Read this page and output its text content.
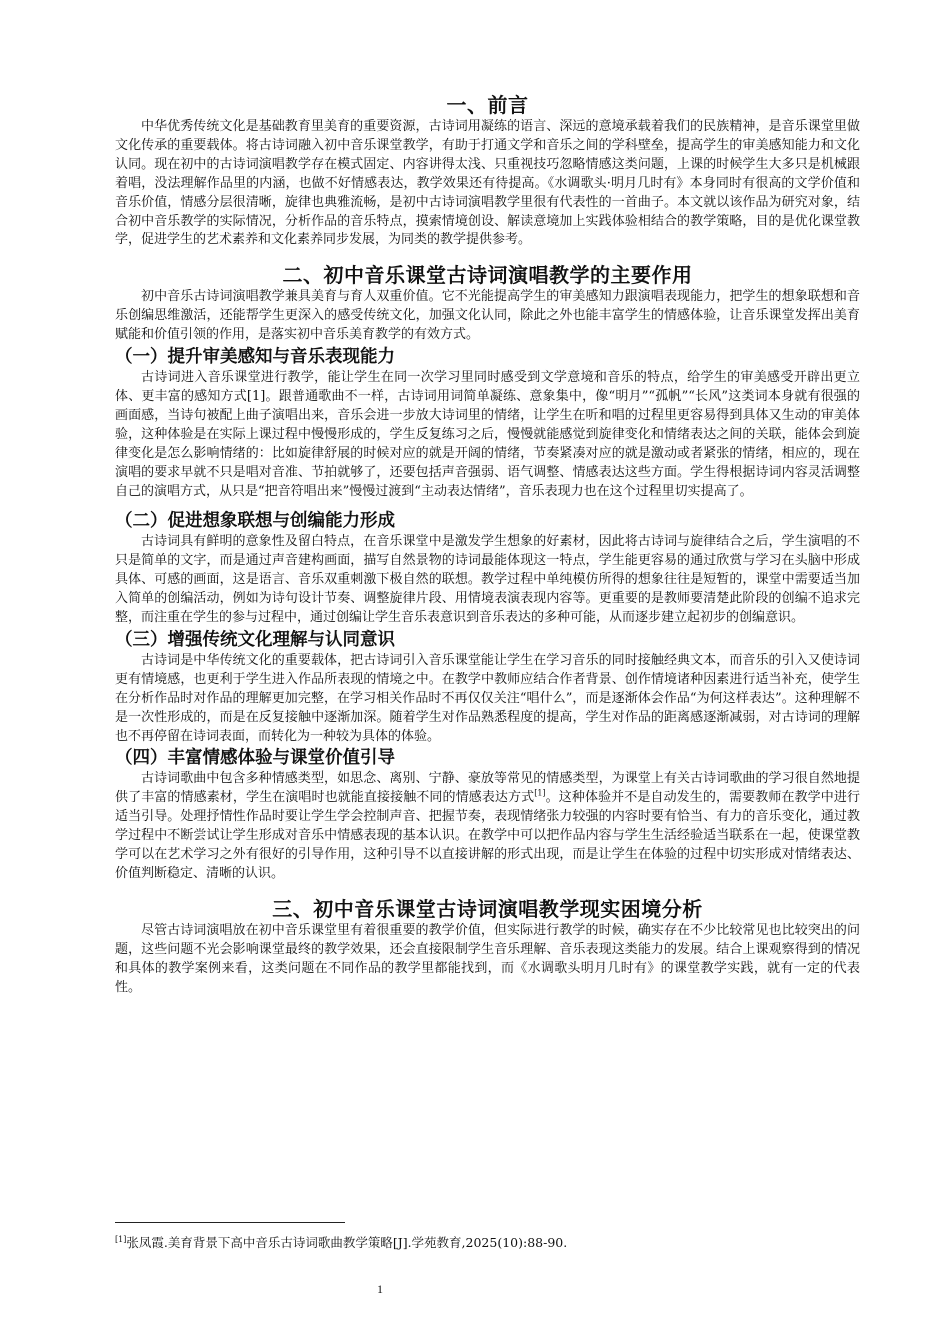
一、前言

中华优秀传统文化是基础教育里美育的重要资源，古诗词用凝练的语言、深远的意境承载着我们的民族精神，是音乐课堂里做文化传承的重要载体。将古诗词融入初中音乐课堂教学，有助于打通文学和音乐之间的学科壁垒，提高学生的审美感知能力和文化认同。现在初中的古诗词演唱教学存在模式固定、内容讲得太浅、只重视技巧忽略情感这类问题，上课的时候学生大多只是机械跟着唱，没法理解作品里的内涵，也做不好情感表达，教学效果还有待提高。《水调歌头·明月几时有》本身同时有很高的文学价值和音乐价值，情感分层很清晰，旋律也典雅流畅，是初中古诗词演唱教学里很有代表性的一首曲子。本文就以该作品为研究对象，结合初中音乐教学的实际情况，分析作品的音乐特点，摸索情境创设、解读意境加上实践体验相结合的教学策略，目的是优化课堂教学，促进学生的艺术素养和文化素养同步发展，为同类的教学提供参考。

二、初中音乐课堂古诗词演唱教学的主要作用

初中音乐古诗词演唱教学兼具美育与育人双重价值。它不光能提高学生的审美感知力跟演唱表现能力，把学生的想象联想和音乐创编思维激活，还能帮学生更深入的感受传统文化，加强文化认同，除此之外也能丰富学生的情感体验，让音乐课堂发挥出美育赋能和价值引领的作用，是落实初中音乐美育教学的有效方式。

（一）提升审美感知与音乐表现能力

古诗词进入音乐课堂进行教学，能让学生在同一次学习里同时感受到文学意境和音乐的特点，给学生的审美感受开辟出更立体、更丰富的感知方式[1]。跟普通歌曲不一样，古诗词用词简单凝练、意象集中，像“明月”“孤帆”“长风”这类词本身就有很强的画面感，当诗句被配上曲子演唱出来，音乐会进一步放大诗词里的情绪，让学生在听和唱的过程里更容易得到具体又生动的审美体验，这种体验是在实际上课过程中慢慢形成的，学生反复练习之后，慢慢就能感觉到旋律变化和情绪表达之间的关联，能体会到旋律变化是怎么影响情绪的：比如旋律舒展的时候对应的就是开阔的情绪，节奏紧凑对应的就是激动或者紧张的情绪，相应的，现在演唱的要求早就不只是唱对音准、节拍就够了，还要包括声音强弱、语气调整、情感表达这些方面。学生得根据诗词内容灵活调整自己的演唱方式，从只是“把音符唱出来”慢慢过渡到“主动表达情绪”，音乐表现力也在这个过程里切实提高了。

（二）促进想象联想与创编能力形成

古诗词具有鲜明的意象性及留白特点，在音乐课堂中是激发学生想象的好素材，因此将古诗词与旋律结合之后，学生演唱的不只是简单的文字，而是通过声音建构画面，描写自然景物的诗词最能体现这一特点，学生能更容易的通过欣赏与学习在头脑中形成具体、可感的画面，这是语言、音乐双重刺激下极自然的联想。教学过程中单纯模仿所得的想象往往是短暂的，课堂中需要适当加入简单的创编活动，例如为诗句设计节奏、调整旋律片段、用情境表演表现内容等。更重要的是教师要清楚此阶段的创编不追求完整，而注重在学生的参与过程中，通过创编让学生音乐表意识到音乐表达的多种可能，从而逐步建立起初步的创编意识。

（三）增强传统文化理解与认同意识

古诗词是中华传统文化的重要载体，把古诗词引入音乐课堂能让学生在学习音乐的同时接触经典文本，而音乐的引入又使诗词更有情境感，也更利于学生进入作品所表现的情境之中。在教学中教师应结合作者背景、创作情境诸种因素进行适当补充，使学生在分析作品时对作品的理解更加完整，在学习相关作品时不再仅仅关注“唱什么”，而是逐渐体会作品“为何这样表达”。这种理解不是一次性形成的，而是在反复接触中逐渐加深。随着学生对作品熟悉程度的提高，学生对作品的距离感逐渐减弱，对古诗词的理解也不再停留在诗词表面，而转化为一种较为具体的体验。

（四）丰富情感体验与课堂价值引导

古诗词歌曲中包含多种情感类型，如思念、离别、宁静、豪放等常见的情感类型，为课堂上有关古诗词歌曲的学习很自然地提供了丰富的情感素材，学生在演唱时也就能直接接触不同的情感表达方式[1]。这种体验并不是自动发生的，需要教师在教学中进行适当引导。处理抒情性作品时要让学生学会控制声音、把握节奏，表现情绪张力较强的内容时要有恰当、有力的音乐变化，通过教学过程中不断尝试让学生形成对音乐中情感表现的基本认识。在教学中可以把作品内容与学生生活经验适当联系在一起，使课堂教学可以在艺术学习之外有很好的引导作用，这种引导不以直接讲解的形式出现，而是让学生在体验的过程中切实形成对情绪表达、价值判断稳定、清晰的认识。

三、初中音乐课堂古诗词演唱教学现实困境分析

尽管古诗词演唱放在初中音乐课堂里有着很重要的教学价值，但实际进行教学的时候，确实存在不少比较常见也比较突出的问题，这些问题不光会影响课堂最终的教学效果，还会直接限制学生音乐理解、音乐表现这类能力的发展。结合上课观察得到的情况和具体的教学案例来看，这类问题在不同作品的教学里都能找到，而《水调歌头明月几时有》的课堂教学实践，就有一定的代表性。

[1]张凤霞.美育背景下高中音乐古诗词歌曲教学策略[J].学苑教育,2025(10):88-90.
1
